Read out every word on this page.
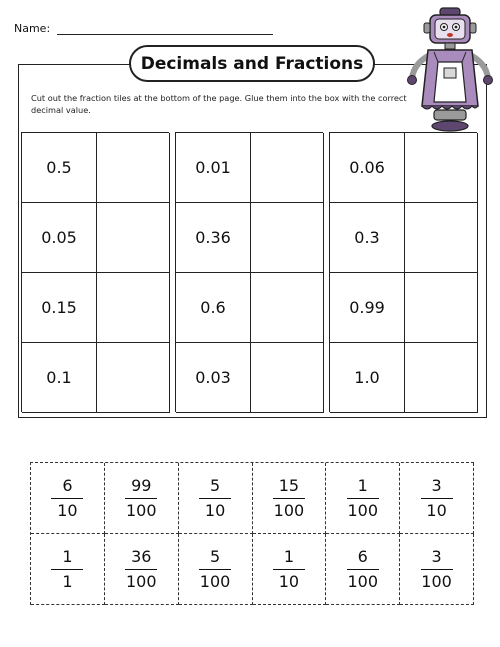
Name:
Decimals and Fractions
Cut out the fraction tiles at the bottom of the page. Glue them into the box with the correct decimal value.
0.5
0.05
0.15
0.1
0.01
0.36
0.6
0.03
0.06
0.3
0.99
1.0
6
10
99
100
5
10
15
100
1
100
3
10
1
1
36
100
5
100
1
10
6
100
3
100
